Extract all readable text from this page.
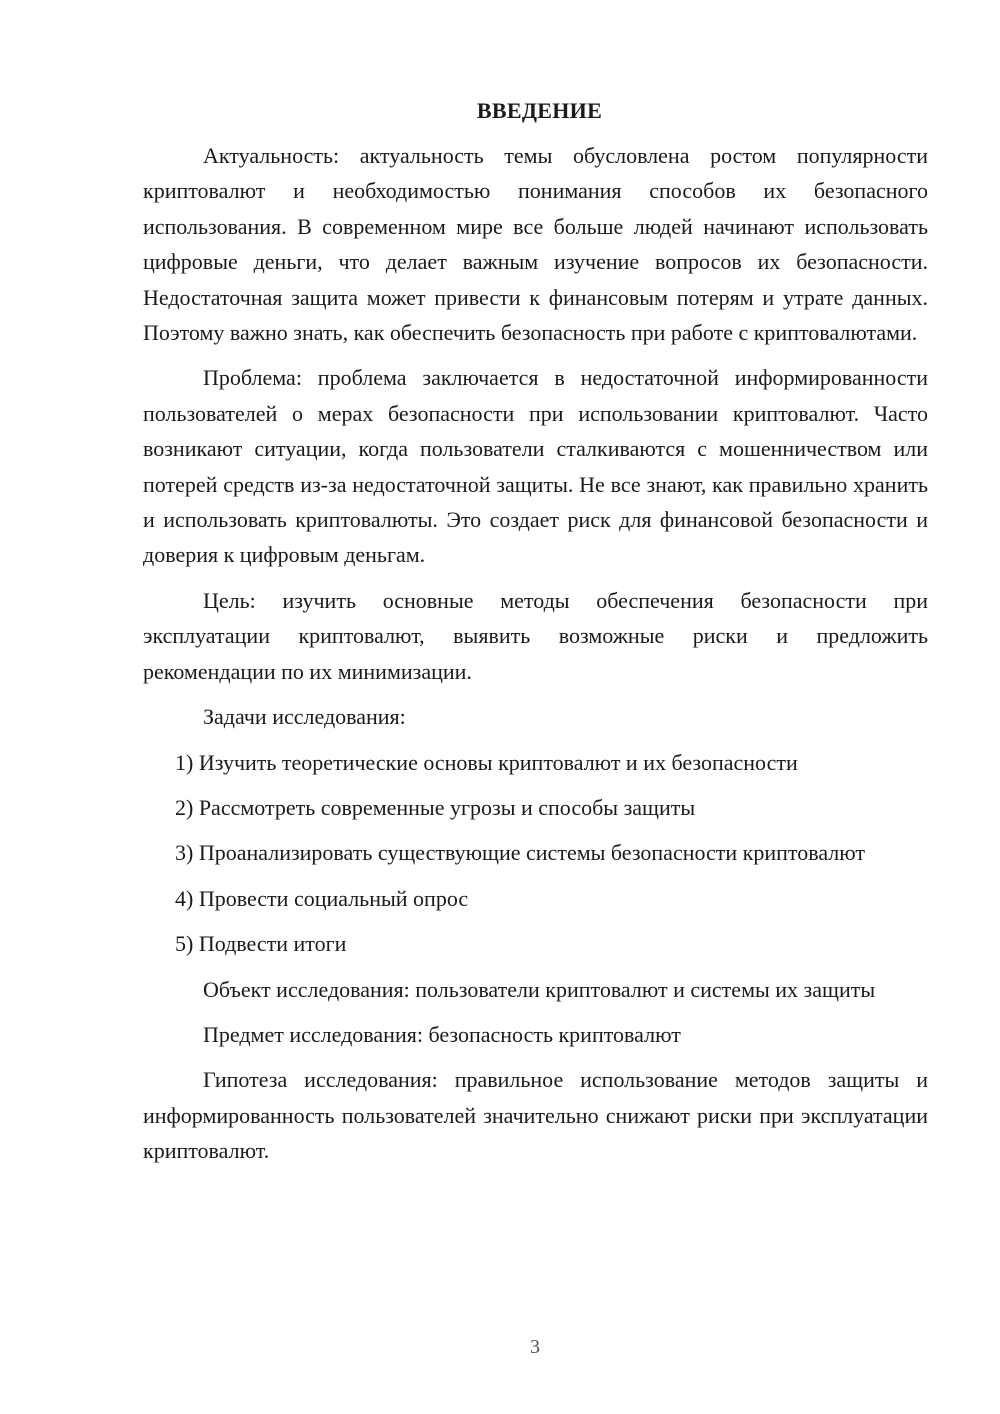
ВВЕДЕНИЕ

Актуальность: актуальность темы обусловлена ростом популярности криптовалют и необходимостью понимания способов их безопасного использования. В современном мире все больше людей начинают использовать цифровые деньги, что делает важным изучение вопросов их безопасности. Недостаточная защита может привести к финансовым потерям и утрате данных. Поэтому важно знать, как обеспечить безопасность при работе с криптовалютами.

Проблема: проблема заключается в недостаточной информированности пользователей о мерах безопасности при использовании криптовалют. Часто возникают ситуации, когда пользователи сталкиваются с мошенничеством или потерей средств из-за недостаточной защиты. Не все знают, как правильно хранить и использовать криптовалюты. Это создает риск для финансовой безопасности и доверия к цифровым деньгам.

Цель: изучить основные методы обеспечения безопасности при эксплуатации криптовалют, выявить возможные риски и предложить рекомендации по их минимизации.

Задачи исследования:

1) Изучить теоретические основы криптовалют и их безопасности

2) Рассмотреть современные угрозы и способы защиты

3) Проанализировать существующие системы безопасности криптовалют

4) Провести социальный опрос

5) Подвести итоги

Объект исследования: пользователи криптовалют и системы их защиты

Предмет исследования: безопасность криптовалют

Гипотеза исследования: правильное использование методов защиты и информированность пользователей значительно снижают риски при эксплуатации криптовалют.

3
